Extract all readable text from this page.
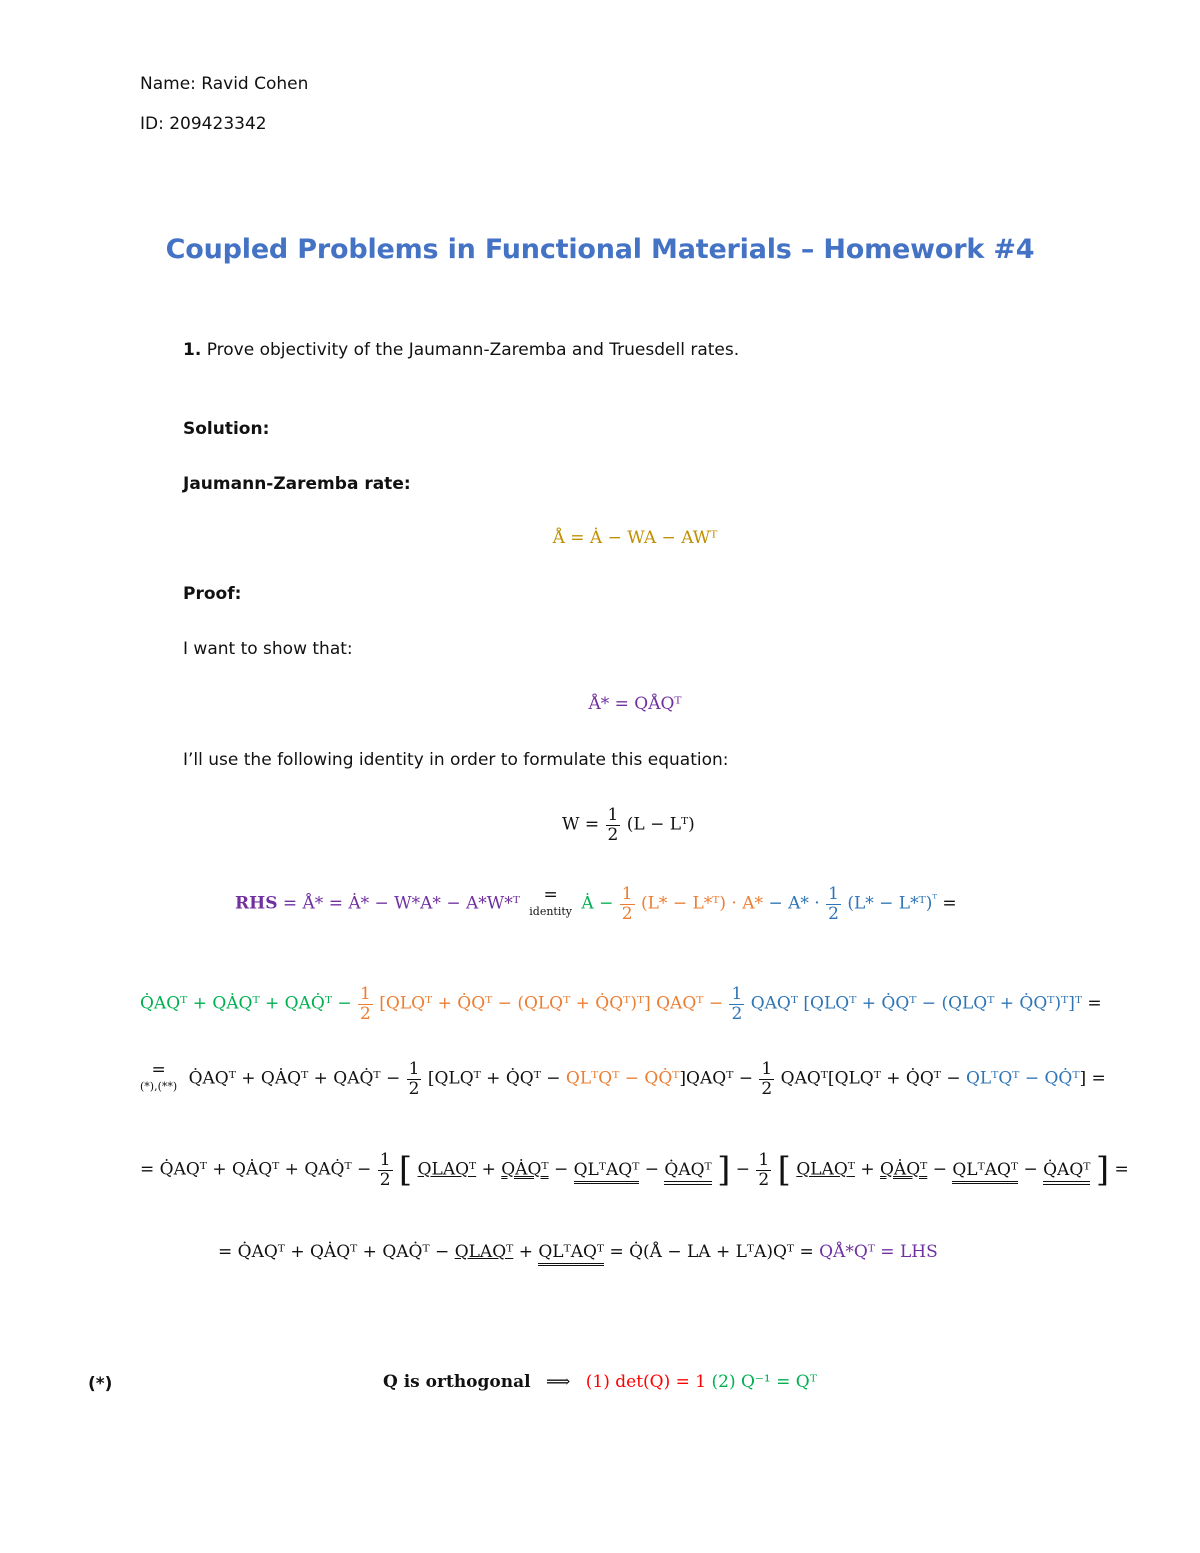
Name: Ravid Cohen
ID: 209423342
Coupled Problems in Functional Materials – Homework #4
1. Prove objectivity of the Jaumann-Zaremba and Truesdell rates.
Solution:
Jaumann-Zaremba rate:
Å = Ȧ − WA − AWᵀ
Proof:
I want to show that:
Å* = QÅQᵀ
I’ll use the following identity in order to formulate this equation:
$W = \frac{1}{2} (L$ − Lᵀ)
RHS = Å* = Ȧ* − W*A* − A*W*ᵀ	=
identity Ȧ − $\frac{1}{2} (L*$ − L*ᵀ) · $A* - A* \cdot \frac{1}{2} (L*$ − L*ᵀ)$^ᵀ$ =
Q̇AQᵀ + QȦQᵀ + QAQ̇ᵀ − $\frac{1}{2}$ [QLQᵀ + Q̇Qᵀ − (QLQᵀ + Q̇Qᵀ)ᵀ] QAQᵀ − $\frac{1}{2}$ QAQᵀ [QLQᵀ + Q̇Qᵀ − (QLQᵀ + Q̇Qᵀ)ᵀ]ᵀ =
=
(*),(**) Q̇AQᵀ + QȦQᵀ + QAQ̇ᵀ − $\frac{1}{2}$ [QLQᵀ + Q̇Qᵀ − QLᵀQᵀ − QQ̇ᵀ]QAQᵀ − $\frac{1}{2}$ QAQᵀ[QLQᵀ + Q̇Qᵀ − QLᵀQᵀ − QQ̇ᵀ] =
= Q̇AQᵀ + QȦQᵀ + QAQ̇ᵀ − $\frac{1}{2}$ [ QLAQᵀ + QȦQᵀ − QLᵀAQᵀ − Q̇AQᵀ ] − $\frac{1}{2}$ [ QLAQᵀ + QȦQᵀ − QLᵀAQᵀ − Q̇AQᵀ ] =
= Q̇AQᵀ + QȦQᵀ + QAQ̇ᵀ − QLAQᵀ + QLᵀAQᵀ = Q̇(Å − LA + LᵀA)Qᵀ = QÅ*Qᵀ = LHS
(*)	Q is orthogonal ⟹ (1) det(Q) = 1 (2) Q⁻¹ = Qᵀ
